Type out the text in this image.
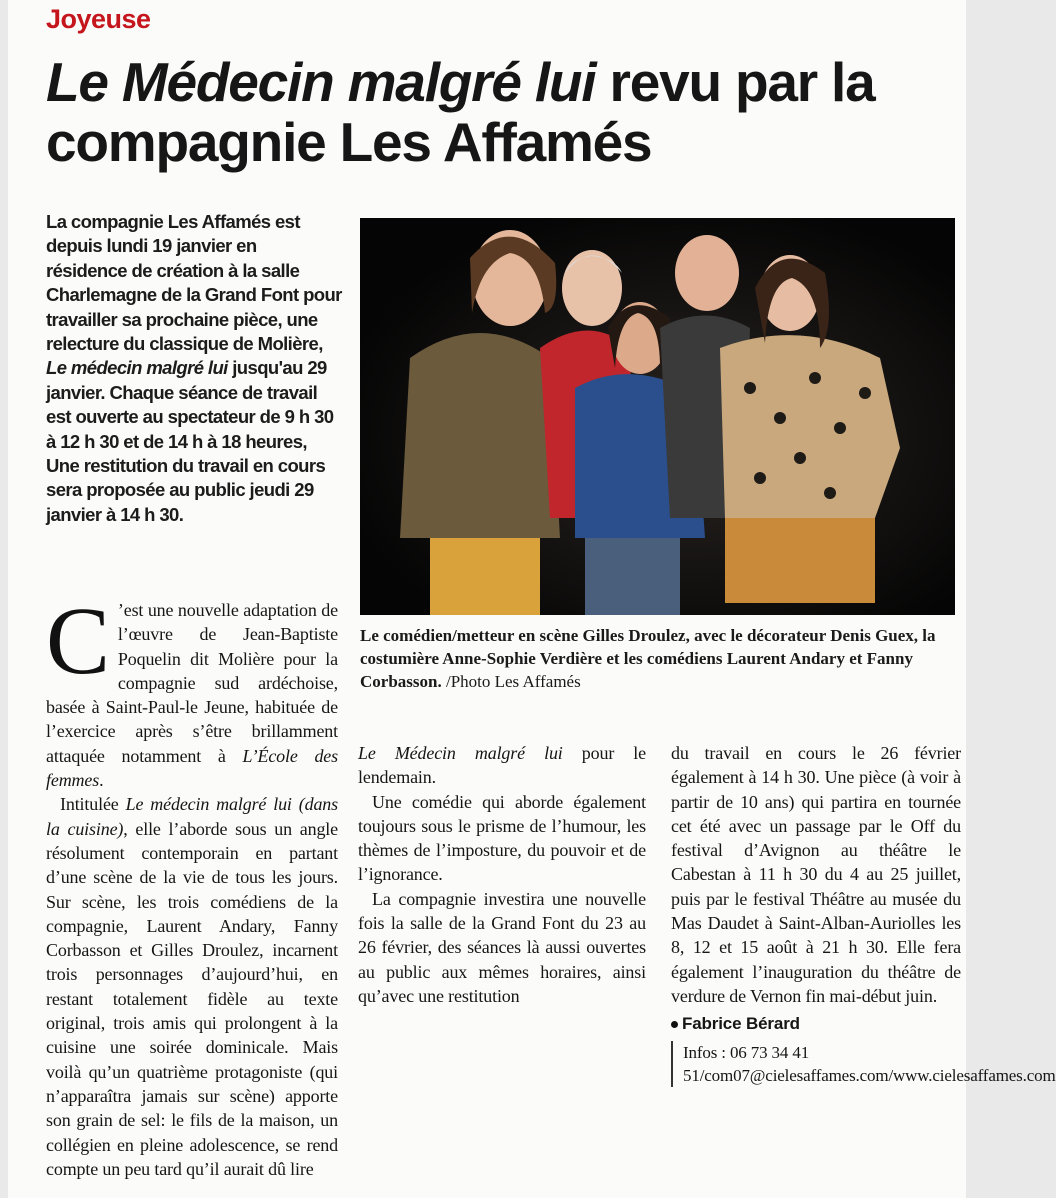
Joyeuse
Le Médecin malgré lui revu par la compagnie Les Affamés

La compagnie Les Affamés est depuis lundi 19 janvier en résidence de création à la salle Charlemagne de la Grand Font pour travailler sa prochaine pièce, une relecture du classique de Molière, Le médecin malgré lui jusqu'au 29 janvier. Chaque séance de travail est ouverte au spectateur de 9 h 30 à 12 h 30 et de 14 h à 18 heures, Une restitution du travail en cours sera proposée au public jeudi 29 janvier à 14 h 30.

Le comédien/metteur en scène Gilles Droulez, avec le décorateur Denis Guex, la costumière Anne-Sophie Verdière et les comédiens Laurent Andary et Fanny Corbasson. /Photo Les Affamés

C ’est une nouvelle adaptation de l’œuvre de Jean-Baptiste Poquelin dit Molière pour la compagnie sud ardéchoise, basée à Saint-Paul-le Jeune, habituée de l’exercice après s’être brillamment attaquée notamment à L’École des femmes.

Intitulée Le médecin malgré lui (dans la cuisine), elle l’aborde sous un angle résolument contemporain en partant d’une scène de la vie de tous les jours. Sur scène, les trois comédiens de la compagnie, Laurent Andary, Fanny Corbasson et Gilles Droulez, incarnent trois personnages d’aujourd’hui, en restant totalement fidèle au texte original, trois amis qui prolongent à la cuisine une soirée dominicale. Mais voilà qu’un quatrième protagoniste (qui n’apparaîtra jamais sur scène) apporte son grain de sel: le fils de la maison, un collégien en pleine adolescence, se rend compte un peu tard qu’il aurait dû lire

Le Médecin malgré lui pour le lendemain.

Une comédie qui aborde également toujours sous le prisme de l’humour, les thèmes de l’imposture, du pouvoir et de l’ignorance.

La compagnie investira une nouvelle fois la salle de la Grand Font du 23 au 26 février, des séances là aussi ouvertes au public aux mêmes horaires, ainsi qu’avec une restitution

du travail en cours le 26 février également à 14 h 30. Une pièce (à voir à partir de 10 ans) qui partira en tournée cet été avec un passage par le Off du festival d’Avignon au théâtre le Cabestan à 11 h 30 du 4 au 25 juillet, puis par le festival Théâtre au musée du Mas Daudet à Saint-Alban-Auriolles les 8, 12 et 15 août à 21 h 30. Elle fera également l’inauguration du théâtre de verdure de Vernon fin mai-début juin.

Fabrice Bérard
Infos : 06 73 34 41 51/com07@cielesaffames.com/www.cielesaffames.com
